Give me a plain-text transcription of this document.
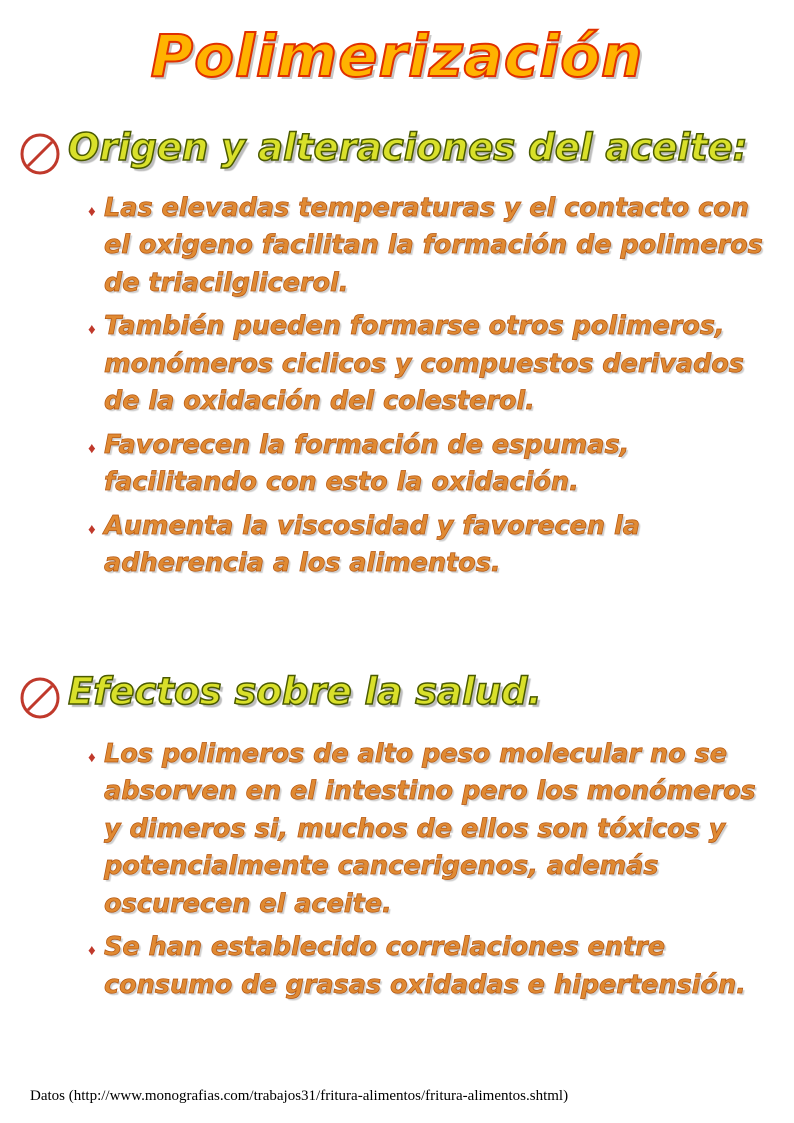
Polimerización
Origen y alteraciones del aceite:
♦ Las elevadas temperaturas y el contacto con el oxigeno facilitan la formación de polimeros de triacilglicerol.
♦ También pueden formarse otros polimeros, monómeros ciclicos y compuestos derivados de la oxidación del colesterol.
♦ Favorecen la formación de espumas, facilitando con esto la oxidación.
♦ Aumenta la viscosidad y favorecen la adherencia a los alimentos.
Efectos sobre la salud.
♦ Los polimeros de alto peso molecular no se absorven en el intestino pero los monómeros y dimeros si, muchos de ellos son tóxicos y potencialmente cancerigenos, además oscurecen el aceite.
♦ Se han establecido correlaciones entre consumo de grasas oxidadas e hipertensión.
Datos (http://www.monografias.com/trabajos31/fritura-alimentos/fritura-alimentos.shtml)
